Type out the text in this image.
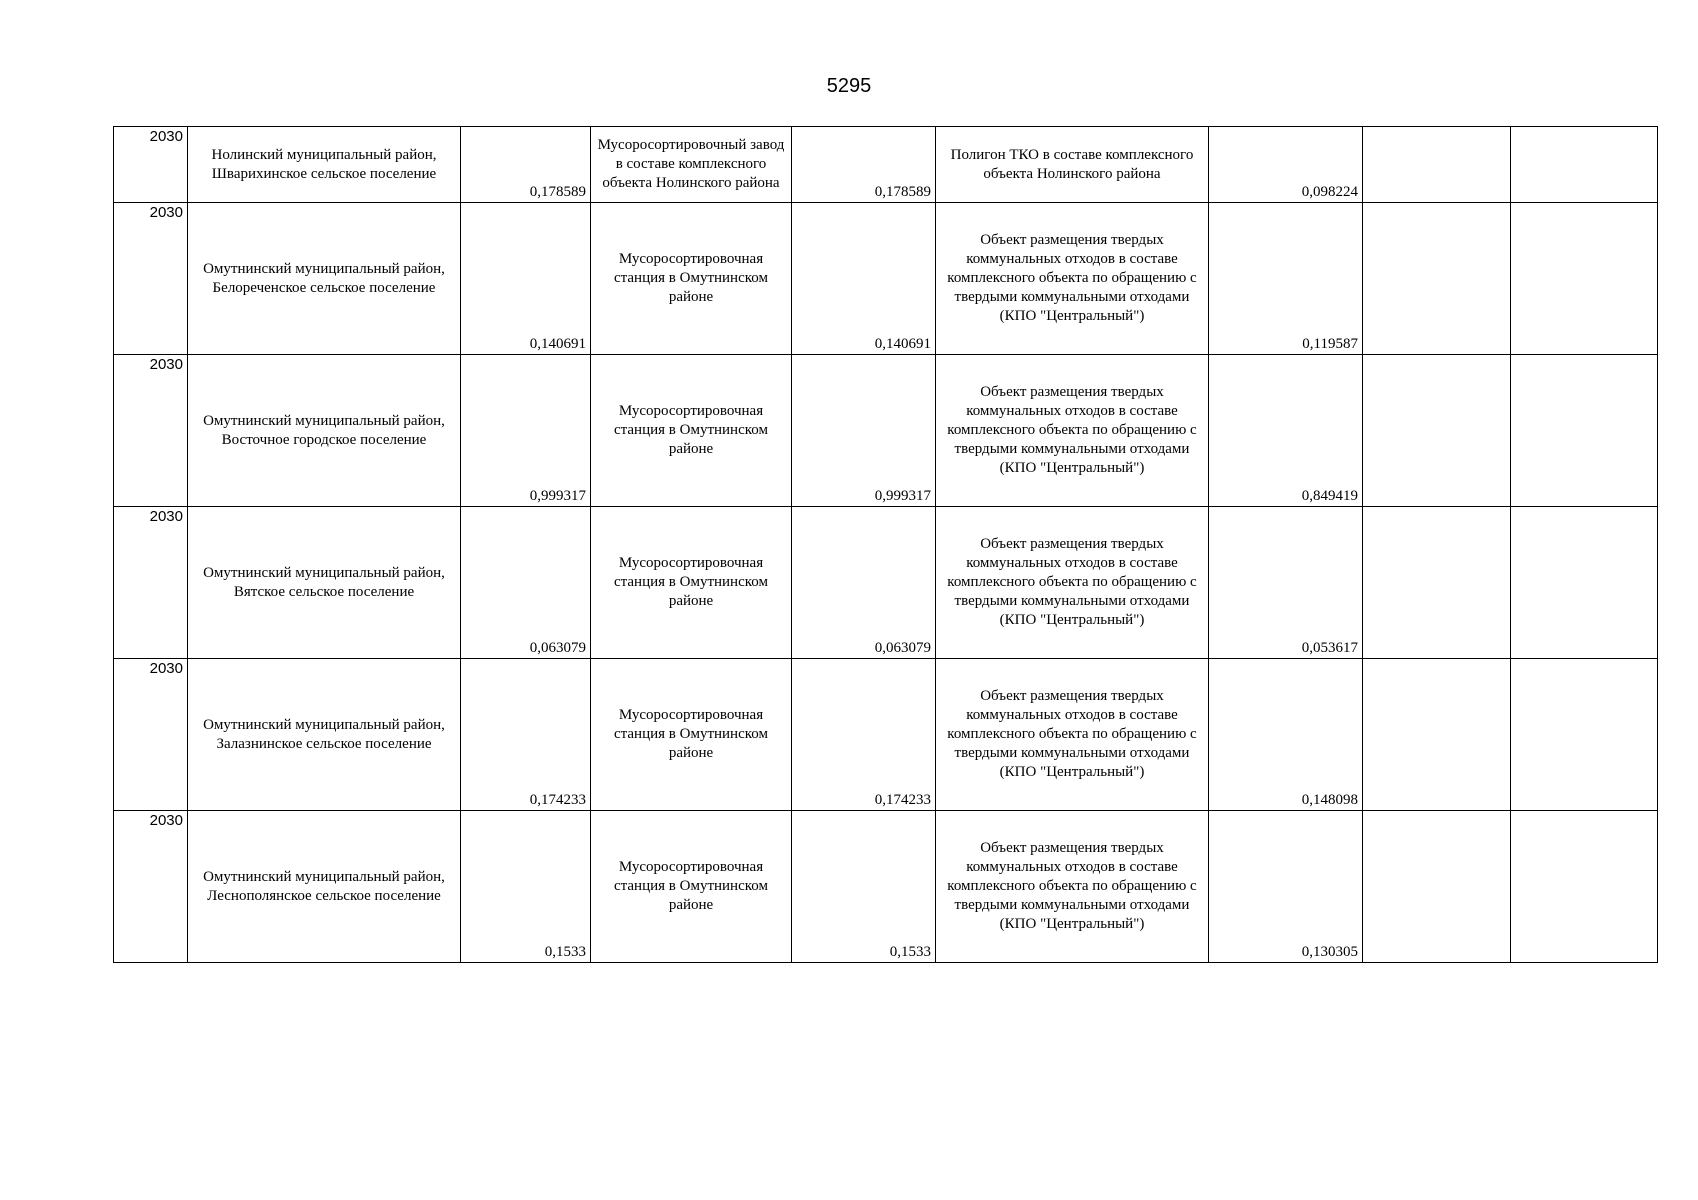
5295
2030	Нолинский муниципальный район, Шварихинское сельское поселение	0,178589	Мусоросортировочный завод в составе комплексного объекта Нолинского района	0,178589	Полигон ТКО в составе комплексного объекта Нолинского района	0,098224		
2030	Омутнинский муниципальный район, Белореченское сельское поселение	0,140691	Мусоросортировочная станция в Омутнинском районе	0,140691	Объект размещения твердых коммунальных отходов в составе комплексного объекта по обращению с твердыми коммунальными отходами (КПО "Центральный")	0,119587		
2030	Омутнинский муниципальный район, Восточное городское поселение	0,999317	Мусоросортировочная станция в Омутнинском районе	0,999317	Объект размещения твердых коммунальных отходов в составе комплексного объекта по обращению с твердыми коммунальными отходами (КПО "Центральный")	0,849419		
2030	Омутнинский муниципальный район, Вятское сельское поселение	0,063079	Мусоросортировочная станция в Омутнинском районе	0,063079	Объект размещения твердых коммунальных отходов в составе комплексного объекта по обращению с твердыми коммунальными отходами (КПО "Центральный")	0,053617		
2030	Омутнинский муниципальный район, Залазнинское сельское поселение	0,174233	Мусоросортировочная станция в Омутнинском районе	0,174233	Объект размещения твердых коммунальных отходов в составе комплексного объекта по обращению с твердыми коммунальными отходами (КПО "Центральный")	0,148098		
2030	Омутнинский муниципальный район, Леснополянское сельское поселение	0,1533	Мусоросортировочная станция в Омутнинском районе	0,1533	Объект размещения твердых коммунальных отходов в составе комплексного объекта по обращению с твердыми коммунальными отходами (КПО "Центральный")	0,130305		
